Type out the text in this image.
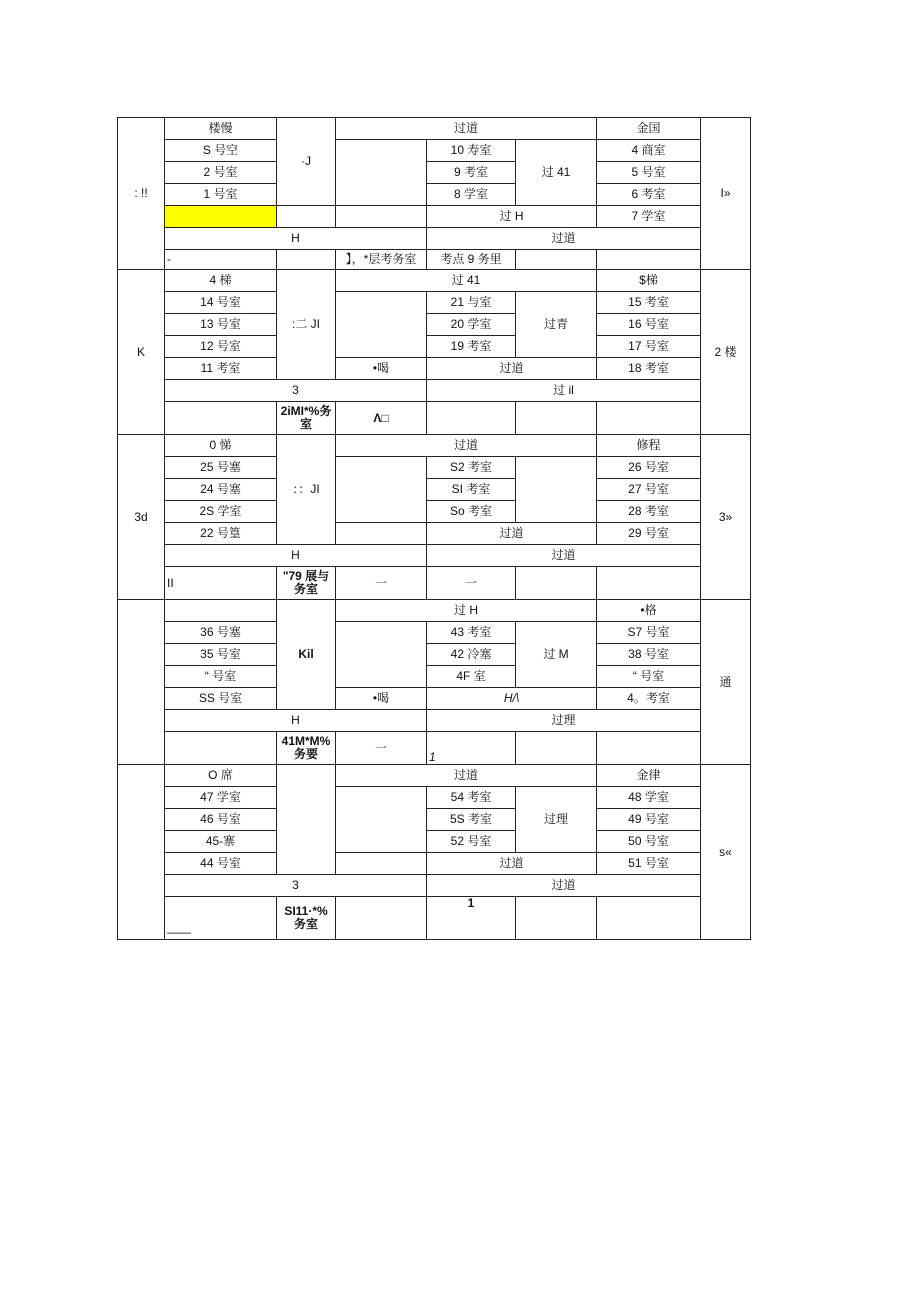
: !!	楼慢	·J	过道			金国	I»
	S 号空			10 寿室	过 41	4 商室	
	2 号室			9 考室		5 号室	
	1 号室			8 学室		6 考室	
				过 H		7 学室	
	H			过道			
	-		】，*层考务室	考点 9 务里			
K	4 梯	:二 JI	过 41			$梯	2 楼
	14 号室			21 与室	过青	15 考室	
	13 号室			20 学室		16 号室	
	12 号室			19 考室		17 号室	
	11 考室		•喝	过道		18 考室	
	3			过 il			
		2iMI*%务室	Λ□				
3d	0 悌	：：JI	过道			修程	3»
	25 号塞			S2 考室		26 号室	
	24 号塞			SI 考室		27 号室	
	2S 学室			So 考室		28 考室	
	22 号篁			过道		29 号室	
	H			过道			
	II	"79 展与务室	一	一			
		Kil	过 H			•格	通
	36 号塞			43 考室	过 M	S7 号室	
	35 号室			42 冷塞		38 号室	
	“ 号室			4F 室		“ 号室	
	SS 号室		•喝	H/\		4。考室	
	H			过理			
		41M*M%务要	一	1			
	O 席		过道			金律	s«
	47 学室			54 考室	过理	48 学室	
	46 号室			5S 考室		49 号室	
	45-寨			52 号室		50 号室	
	44 号室			过道		51 号室	
	3			过道			
	——	SI11·*%务室		1			
